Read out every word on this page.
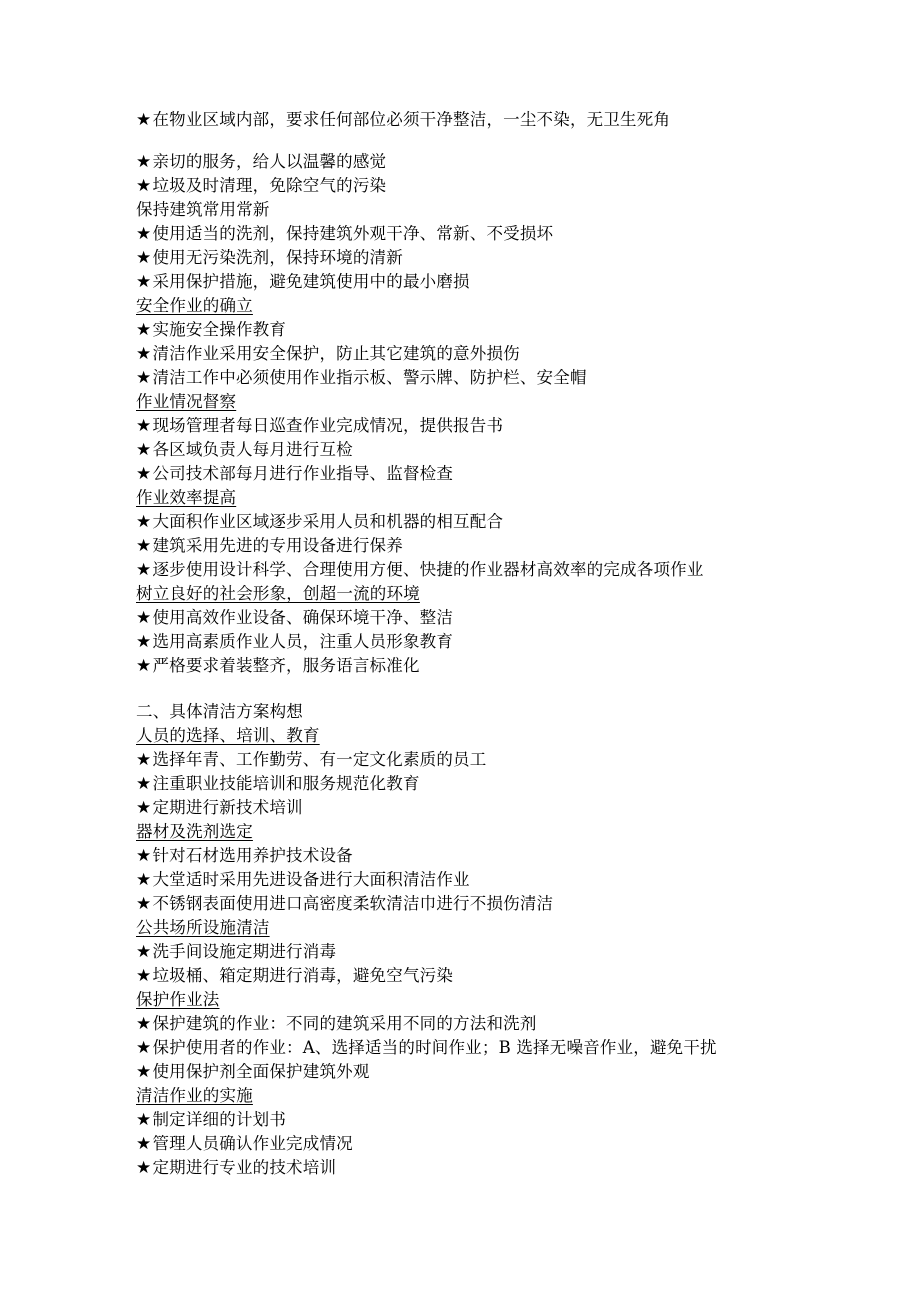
★在物业区域内部，要求任何部位必须干净整洁，一尘不染，无卫生死角
★亲切的服务，给人以温馨的感觉
★垃圾及时清理，免除空气的污染
保持建筑常用常新
★使用适当的洗剂，保持建筑外观干净、常新、不受损坏
★使用无污染洗剂，保持环境的清新
★采用保护措施，避免建筑使用中的最小磨损
安全作业的确立
★实施安全操作教育
★清洁作业采用安全保护，防止其它建筑的意外损伤
★清洁工作中必须使用作业指示板、警示牌、防护栏、安全帽
作业情况督察
★现场管理者每日巡查作业完成情况，提供报告书
★各区域负责人每月进行互检
★公司技术部每月进行作业指导、监督检查
作业效率提高
★大面积作业区域逐步采用人员和机器的相互配合
★建筑采用先进的专用设备进行保养
★逐步使用设计科学、合理使用方便、快捷的作业器材高效率的完成各项作业
树立良好的社会形象，创超一流的环境
★使用高效作业设备、确保环境干净、整洁
★选用高素质作业人员，注重人员形象教育
★严格要求着装整齐，服务语言标准化
二、具体清洁方案构想
人员的选择、培训、教育
★选择年青、工作勤劳、有一定文化素质的员工
★注重职业技能培训和服务规范化教育
★定期进行新技术培训
器材及洗剂选定
★针对石材选用养护技术设备
★大堂适时采用先进设备进行大面积清洁作业
★不锈钢表面使用进口高密度柔软清洁巾进行不损伤清洁
公共场所设施清洁
★洗手间设施定期进行消毒
★垃圾桶、箱定期进行消毒，避免空气污染
保护作业法
★保护建筑的作业：不同的建筑采用不同的方法和洗剂
★保护使用者的作业：A、选择适当的时间作业；B 选择无噪音作业，避免干扰
★使用保护剂全面保护建筑外观
清洁作业的实施
★制定详细的计划书
★管理人员确认作业完成情况
★定期进行专业的技术培训
